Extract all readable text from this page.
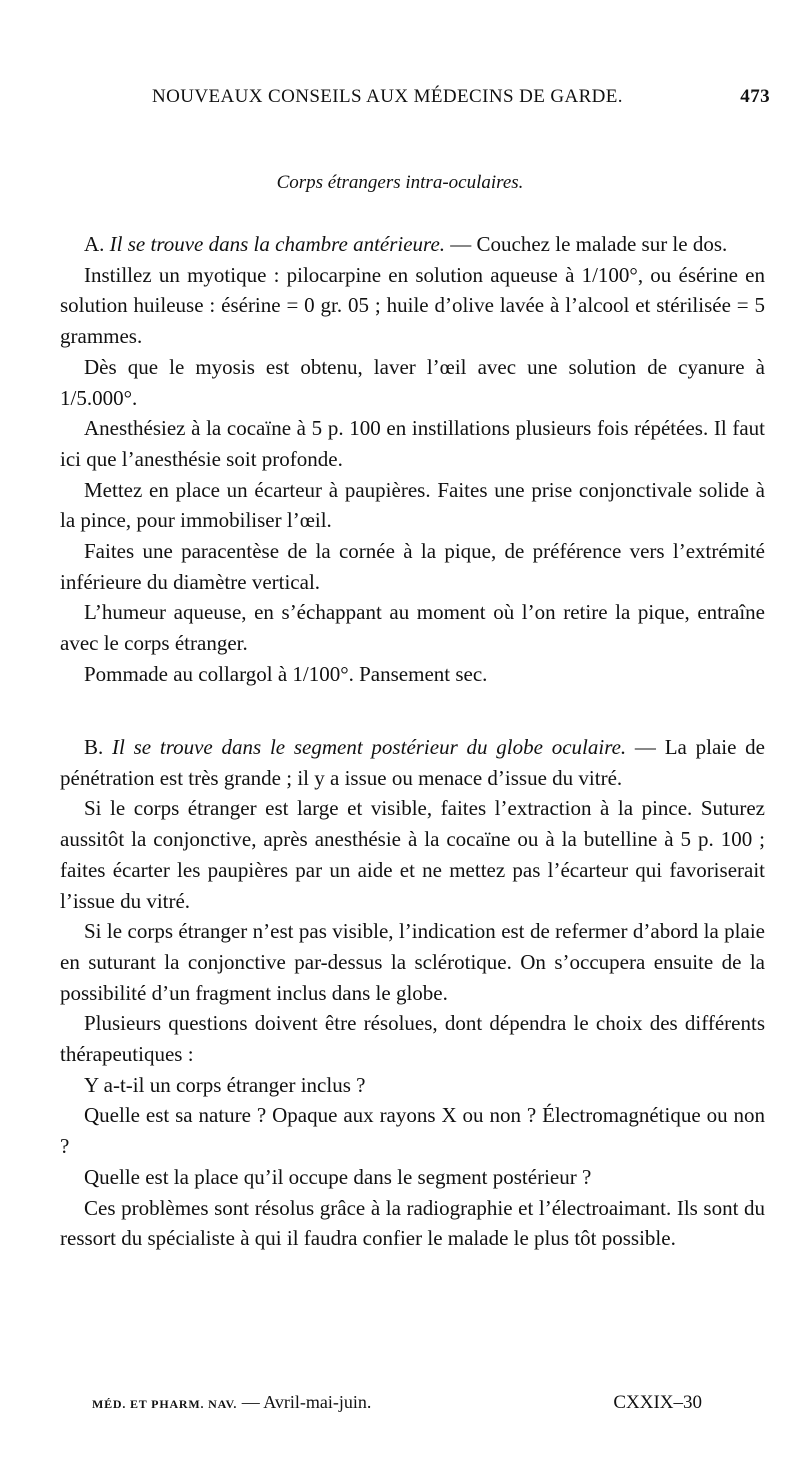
NOUVEAUX CONSEILS AUX MÉDECINS DE GARDE.	473
Corps étrangers intra-oculaires.

A. Il se trouve dans la chambre antérieure. — Couchez le malade sur le dos.

Instillez un myotique : pilocarpine en solution aqueuse à 1/100°, ou ésérine en solution huileuse : ésérine = 0 gr. 05 ; huile d’olive lavée à l’alcool et stérilisée = 5 grammes.

Dès que le myosis est obtenu, laver l’œil avec une solution de cyanure à 1/5.000°.

Anesthésiez à la cocaïne à 5 p. 100 en instillations plusieurs fois répétées. Il faut ici que l’anesthésie soit profonde.

Mettez en place un écarteur à paupières. Faites une prise conjonctivale solide à la pince, pour immobiliser l’œil.

Faites une paracentèse de la cornée à la pique, de préférence vers l’extrémité inférieure du diamètre vertical.

L’humeur aqueuse, en s’échappant au moment où l’on retire la pique, entraîne avec le corps étranger.

Pommade au collargol à 1/100°. Pansement sec.

B. Il se trouve dans le segment postérieur du globe oculaire. — La plaie de pénétration est très grande ; il y a issue ou menace d’issue du vitré.

Si le corps étranger est large et visible, faites l’extraction à la pince. Suturez aussitôt la conjonctive, après anesthésie à la cocaïne ou à la butelline à 5 p. 100 ; faites écarter les paupières par un aide et ne mettez pas l’écarteur qui favoriserait l’issue du vitré.

Si le corps étranger n’est pas visible, l’indication est de refermer d’abord la plaie en suturant la conjonctive par-dessus la sclérotique. On s’occupera ensuite de la possibilité d’un fragment inclus dans le globe.

Plusieurs questions doivent être résolues, dont dépendra le choix des différents thérapeutiques :

Y a-t-il un corps étranger inclus ?

Quelle est sa nature ? Opaque aux rayons X ou non ? Électromagnétique ou non ?

Quelle est la place qu’il occupe dans le segment postérieur ?

Ces problèmes sont résolus grâce à la radiographie et l’électroaimant. Ils sont du ressort du spécialiste à qui il faudra confier le malade le plus tôt possible.

MÉD. ET PHARM. NAV. — Avril-mai-juin.	CXXIX–30
